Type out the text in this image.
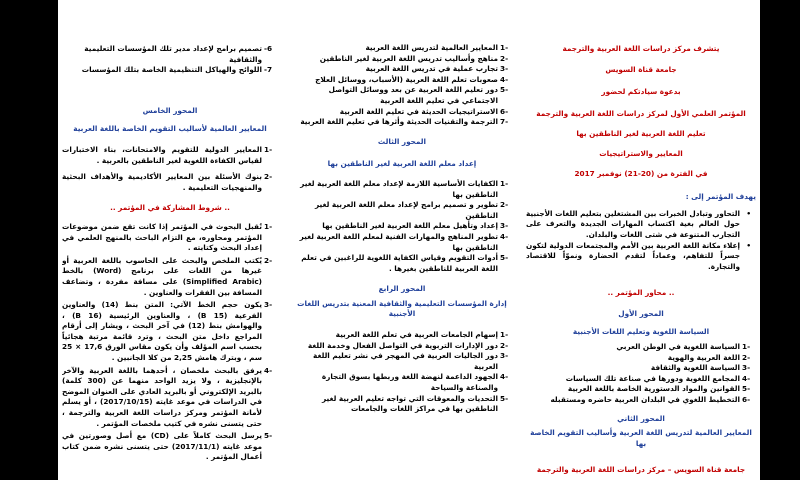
يتشرف مركز دراسات اللغة العربية والترجمة
جامعة قناة السويس
بدعوة سيادتكم لحضور
المؤتمر العلمي الأول لمركز دراسات اللغة العربية والترجمة
تعليم اللغة العربية لغير الناطقين بها
المعايير والاستراتيجيات
في الفترة من (20-21) نوفمبر 2017
يهدف المؤتمر إلى :
• التحاور وتبادل الخبرات بين المشتغلين بتعليم اللغات الأجنبية حول العالم بغية اكتساب المهارات الجديدة والتعرف على التجارب المتنوعة في شتى اللغات والبلدان.
• إعلاء مكانة اللغة العربية بين الأمم والمجتمعات الدولية لتكون جسراً للتفاهم، وعماداً لتقدم الحضارة ونموّاً للاقتصاد والتجارة.
.. محاور المؤتمر ..
المحور الأول
السياسة اللغوية وتعليم اللغات الأجنبية
-1
السياسة اللغوية في الوطن العربي
-2
اللغة العربية والهوية
-3
السياسة اللغوية والثقافة
-4
المجامع اللغوية ودورها في صناعة تلك السياسات
-5
القوانين والمواد الدستورية الخاصة باللغة العربية
-6
التخطيط اللغوي في البلدان العربية حاضره ومستقبله
المحور الثاني
المعايير العالمية لتدريس اللغة العربية وأساليب التقويم الخاصة بها
جامعة قناة السويس – مركز دراسات اللغة العربية والترجمة
-1
المعايير العالمية لتدريس اللغة العربية
-2
مناهج وأساليب تدريس اللغة العربية لغير الناطقين
-3
تجارب عملية في تدريس اللغة العربية
-4
صعوبات تعلم اللغة العربية (الأسباب، ووسائل العلاج
-5
دور تعليم اللغة العربية عن بعد ووسائل التواصل الاجتماعي في تعليم اللغة العربية
-6
الاستراتيجيات الحديثة في تعليم اللغة العربية
-7
الترجمة والتقنيات الحديثة وأثرها في تعليم اللغة العربية
المحور الثالث
إعداد معلم اللغة العربية لغير الناطقين بها
-1
الكفايات الأساسية اللازمة لإعداد معلم اللغة العربية لغير الناطقين بها
-2
تطوير و تصميم برامج لإعداد معلم اللغة العربية لغير الناطقين
-3
إعداد وتأهيل معلم اللغة العربية لغير الناطقين بها
-4
تطوير المناهج والمهارات الفنية لمعلم اللغة العربية لغير الناطقين بها
-5
أدوات التقويم وقياس الكفاية اللغوية للراغبين في تعلم اللغة العربية للناطقين بغيرها .
المحور الرابع
إدارة المؤسسات التعليمية والثقافية المعنية بتدريس اللغات الأجنبية
-1
إسهام الجامعات العربية في تعلم اللغة العربية
-2
دور الإدارات التربوية في التواصل الفعال وخدمة اللغة
-3
دور الجاليات العربية في المهجر في نشر تعليم اللغة العربية
-4
الجهود الداعمة لنهضة اللغة وربطها بسوق التجارة والصناعة والسياحة
-5
التحديات والمعوقات التي تواجه تعليم العربية لغير الناطقين بها في مراكز اللغات والجامعات
6-
تصميم برامج لإعداد مدير تلك المؤسسات التعليمية والثقافية
7-
اللوائح والهياكل التنظيمية الخاصة بتلك المؤسسات
المحور الخامس
المعايير العالمية لأساليب التقويم الخاصة باللغة العربية
-1
المعايير الدولية للتقويم والامتحانات، بناء الاختبارات لقياس الكفاءة اللغوية لغير الناطقين بالعربية .
-2
بنوك الأسئلة بين المعايير الأكاديمية والأهداف البحثية والمنهجيات التعليمية .
.. شروط المشاركة في المؤتمر ..
-1
تُقبل البحوث في المؤتمر إذا كانت تقع ضمن موضوعات المؤتمر ومحاوره، مع التزام الباحث بالمنهج العلمي في إعداد البحث وكتابته .
-2
يُكتب الملخص والبحث على الحاسوب باللغة العربية أو غيرها من اللغات على برنامج (Word) بالخط (Simplified Arabic) على مسافة مفردة ، وتضاعف المسافة بين الفقرات والعناوين .
-3
يكون حجم الخط الآتي: المتن بنط (14) والعناوين الفرعية (B 15) ، والعناوين الرئيسية (B 16) ، والهوامش بنط (12) في آخر البحث ، ويشار إلى أرقام المراجع داخل متن البحث ، وترد قائمة مرتبة هجائياً بحسب اسم المؤلف وأن يكون مقاس الورق 17,6 × 25 سم ، وبترك هامش 2,25 من كلا الجانبين .
-4
يرفق بالبحث ملخصان ، أحدهما باللغة العربية والآخر بالإنجليزية ، ولا يزيد الواحد منهما عن (300 كلمة) بالبريد الإلكتروني أو بالبريد العادي على العنوان الموضح في الدراسات في موعد غايته (2017/10/15) ، أو يسلم لأمانة المؤتمر ومركز دراسات اللغة العربية والترجمة ، حتى يتسنى نشره في كتيب ملخصات المؤتمر .
-5
يرسل البحث كاملاً على (CD) مع أصل وصورتين في موعد غايته (2017/11/1) حتى يتسنى نشره ضمن كتاب أعمال المؤتمر .
